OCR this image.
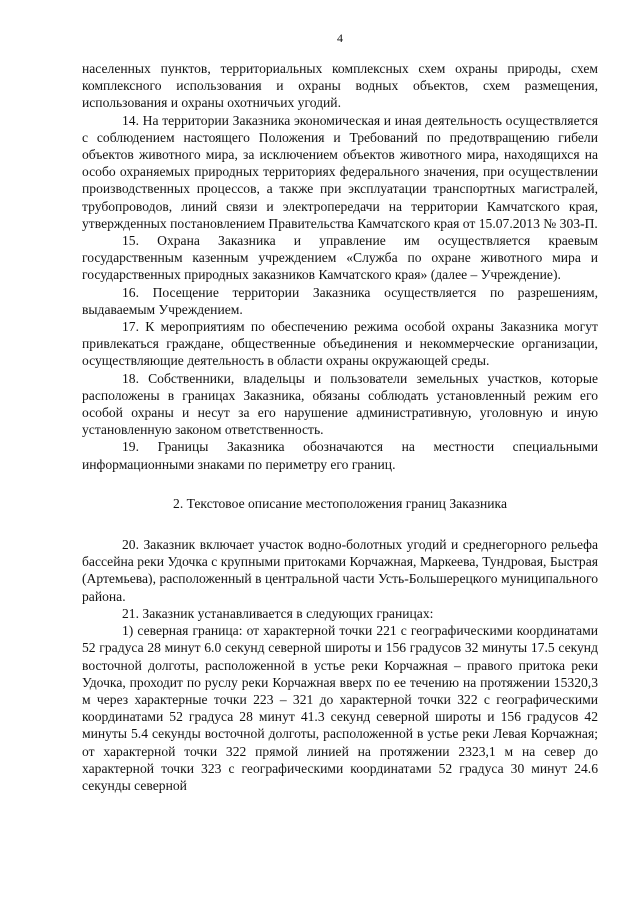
4

населенных пунктов, территориальных комплексных схем охраны природы, схем комплексного использования и охраны водных объектов, схем размещения, использования и охраны охотничьих угодий.

14. На территории Заказника экономическая и иная деятельность осуществляется с соблюдением настоящего Положения и Требований по предотвращению гибели объектов животного мира, за исключением объектов животного мира, находящихся на особо охраняемых природных территориях федерального значения, при осуществлении производственных процессов, а также при эксплуатации транспортных магистралей, трубопроводов, линий связи и электропередачи на территории Камчатского края, утвержденных постановлением Правительства Камчатского края от 15.07.2013 № 303-П.

15. Охрана Заказника и управление им осуществляется краевым государственным казенным учреждением «Служба по охране животного мира и государственных природных заказников Камчатского края» (далее – Учреждение).

16. Посещение территории Заказника осуществляется по разрешениям, выдаваемым Учреждением.

17. К мероприятиям по обеспечению режима особой охраны Заказника могут привлекаться граждане, общественные объединения и некоммерческие организации, осуществляющие деятельность в области охраны окружающей среды.

18. Собственники, владельцы и пользователи земельных участков, которые расположены в границах Заказника, обязаны соблюдать установленный режим его особой охраны и несут за его нарушение административную, уголовную и иную установленную законом ответственность.

19. Границы Заказника обозначаются на местности специальными информационными знаками по периметру его границ.

2. Текстовое описание местоположения границ Заказника

20. Заказник включает участок водно-болотных угодий и среднегорного рельефа бассейна реки Удочка с крупными притоками Корчажная, Маркеева, Тундровая, Быстрая (Артемьева), расположенный в центральной части Усть-Большерецкого муниципального района.

21. Заказник устанавливается в следующих границах:

1) северная граница: от характерной точки 221 с географическими координатами 52 градуса 28 минут 6.0 секунд северной широты и 156 градусов 32 минуты 17.5 секунд восточной долготы, расположенной в устье реки Корчажная – правого притока реки Удочка, проходит по руслу реки Корчажная вверх по ее течению на протяжении 15320,3 м через характерные точки 223 – 321 до характерной точки 322 с географическими координатами 52 градуса 28 минут 41.3 секунд северной широты и 156 градусов 42 минуты 5.4 секунды восточной долготы, расположенной в устье реки Левая Корчажная; от характерной точки 322 прямой линией на протяжении 2323,1 м на север до характерной точки 323 с географическими координатами 52 градуса 30 минут 24.6 секунды северной
